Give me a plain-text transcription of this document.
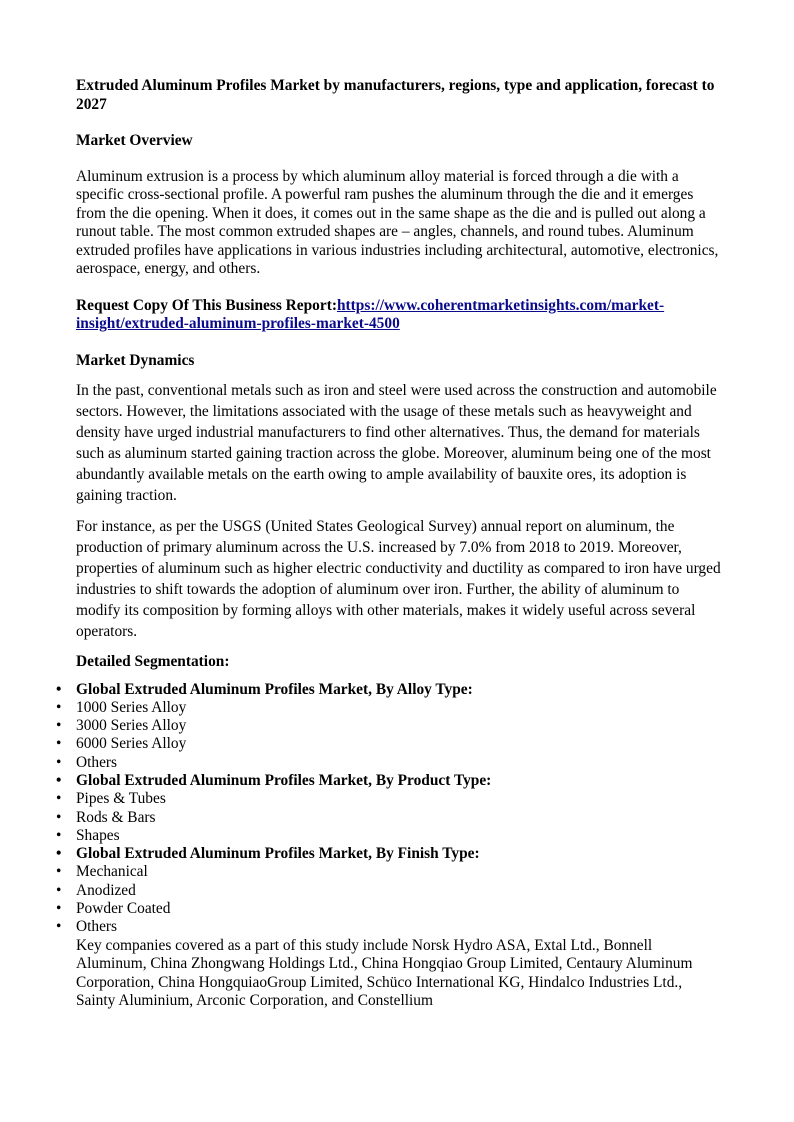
Extruded Aluminum Profiles Market by manufacturers, regions, type and application, forecast to 2027

Market Overview

Aluminum extrusion is a process by which aluminum alloy material is forced through a die with a specific cross-sectional profile. A powerful ram pushes the aluminum through the die and it emerges from the die opening. When it does, it comes out in the same shape as the die and is pulled out along a runout table. The most common extruded shapes are – angles, channels, and round tubes. Aluminum extruded profiles have applications in various industries including architectural, automotive, electronics, aerospace, energy, and others.

Request Copy Of This Business Report:https://www.coherentmarketinsights.com/market-insight/extruded-aluminum-profiles-market-4500

Market Dynamics

In the past, conventional metals such as iron and steel were used across the construction and automobile sectors. However, the limitations associated with the usage of these metals such as heavyweight and density have urged industrial manufacturers to find other alternatives. Thus, the demand for materials such as aluminum started gaining traction across the globe. Moreover, aluminum being one of the most abundantly available metals on the earth owing to ample availability of bauxite ores, its adoption is gaining traction.

For instance, as per the USGS (United States Geological Survey) annual report on aluminum, the production of primary aluminum across the U.S. increased by 7.0% from 2018 to 2019. Moreover, properties of aluminum such as higher electric conductivity and ductility as compared to iron have urged industries to shift towards the adoption of aluminum over iron. Further, the ability of aluminum to modify its composition by forming alloys with other materials, makes it widely useful across several operators.

Detailed Segmentation:

• Global Extruded Aluminum Profiles Market, By Alloy Type:
• 1000 Series Alloy
• 3000 Series Alloy
• 6000 Series Alloy
• Others
• Global Extruded Aluminum Profiles Market, By Product Type:
• Pipes & Tubes
• Rods & Bars
• Shapes
• Global Extruded Aluminum Profiles Market, By Finish Type:
• Mechanical
• Anodized
• Powder Coated
• Others

Key companies covered as a part of this study include Norsk Hydro ASA, Extal Ltd., Bonnell Aluminum, China Zhongwang Holdings Ltd., China Hongqiao Group Limited, Centaury Aluminum Corporation, China HongquiaoGroup Limited, Schüco International KG, Hindalco Industries Ltd., Sainty Aluminium, Arconic Corporation, and Constellium
